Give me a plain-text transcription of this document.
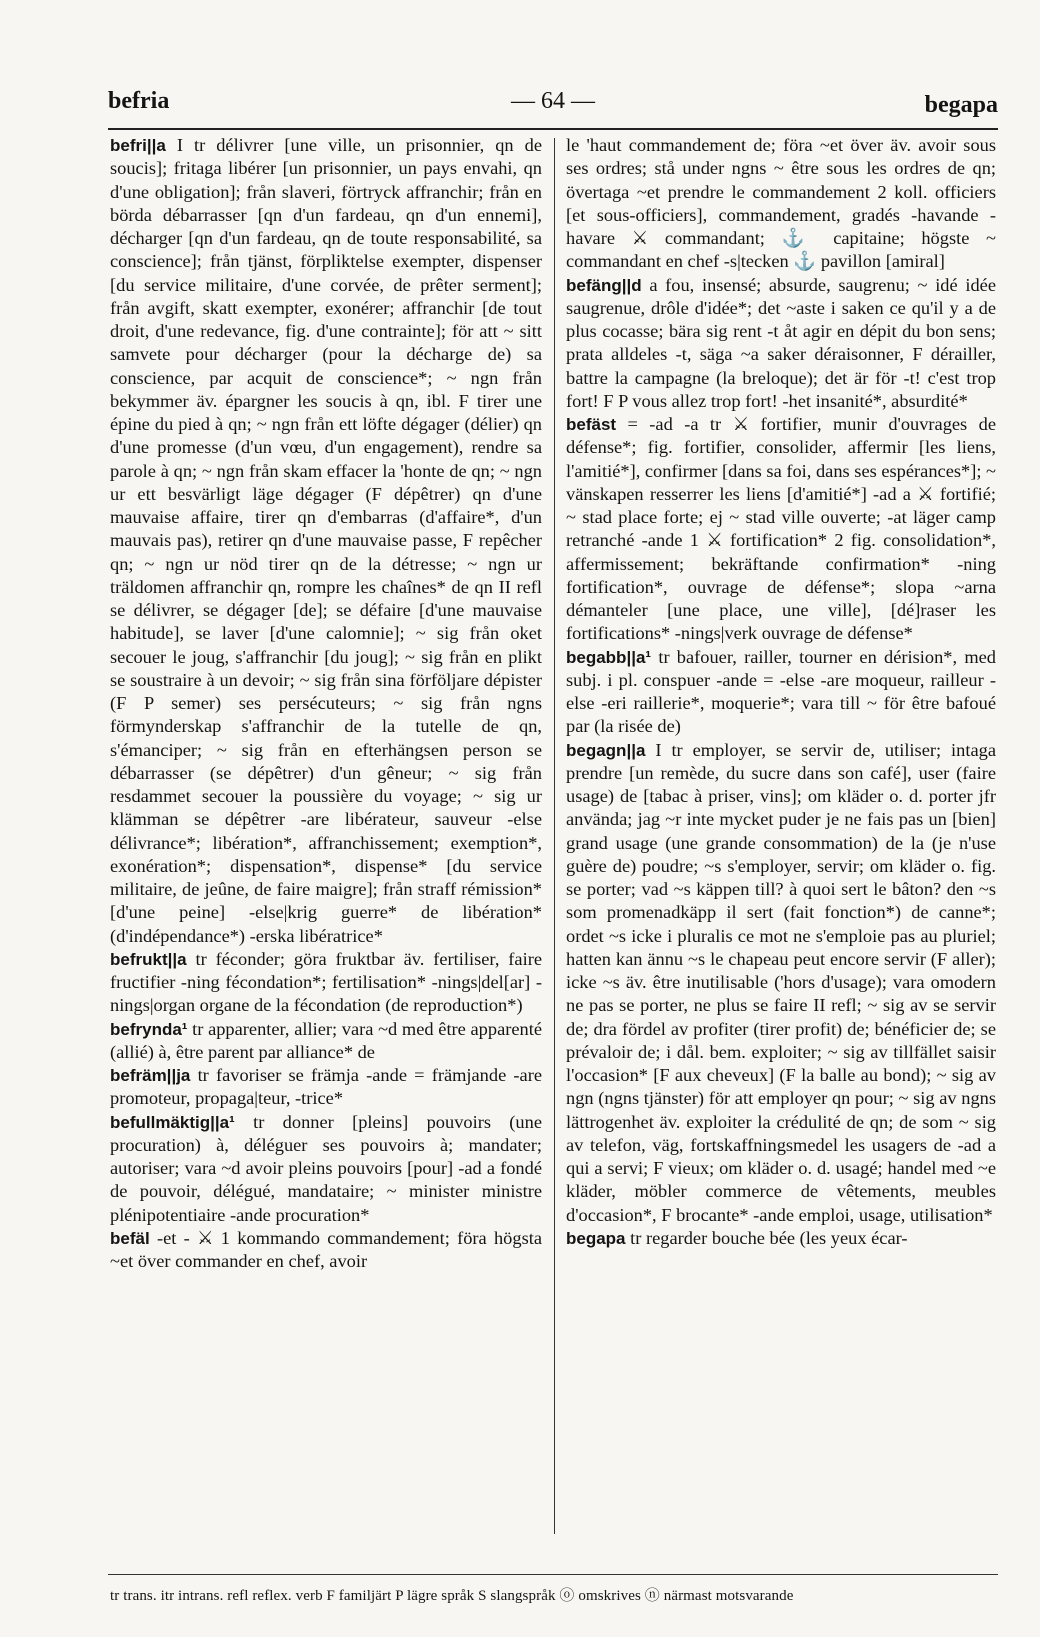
befria	— 64 —	begapa

befri||a I tr délivrer [une ville, un prisonnier, qn de soucis]; fritaga libérer [un prisonnier, un pays envahi, qn d'une obligation]; från slaveri, förtryck affranchir; från en börda débarrasser [qn d'un fardeau, qn d'un ennemi], décharger [qn d'un fardeau, qn de toute responsabilité, sa conscience]; från tjänst, förpliktelse exempter, dispenser [du service militaire, d'une corvée, de prêter serment]; från avgift, skatt exempter, exonérer; affranchir [de tout droit, d'une redevance, fig. d'une contrainte]; för att ~ sitt samvete pour décharger (pour la décharge de) sa conscience, par acquit de conscience*; ~ ngn från bekymmer äv. épargner les soucis à qn, ibl. F tirer une épine du pied à qn; ~ ngn från ett löfte dégager (délier) qn d'une promesse (d'un vœu, d'un engagement), rendre sa parole à qn; ~ ngn från skam effacer la 'honte de qn; ~ ngn ur ett besvärligt läge dégager (F dépêtrer) qn d'une mauvaise affaire, tirer qn d'embarras (d'affaire*, d'un mauvais pas), retirer qn d'une mauvaise passe, F repêcher qn; ~ ngn ur nöd tirer qn de la détresse; ~ ngn ur träldomen affranchir qn, rompre les chaînes* de qn II refl se délivrer, se dégager [de]; se défaire [d'une mauvaise habitude], se laver [d'une calomnie]; ~ sig från oket secouer le joug, s'affranchir [du joug]; ~ sig från en plikt se soustraire à un devoir; ~ sig från sina förföljare dépister (F P semer) ses persécuteurs; ~ sig från ngns förmynderskap s'affranchir de la tutelle de qn, s'émanciper; ~ sig från en efterhängsen person se débarrasser (se dépêtrer) d'un gêneur; ~ sig från resdammet secouer la poussière du voyage; ~ sig ur klämman se dépêtrer -are libérateur, sauveur -else délivrance*; libération*, affranchissement; exemption*, exonération*; dispensation*, dispense* [du service militaire, de jeûne, de faire maigre]; från straff rémission* [d'une peine] -else|krig guerre* de libération* (d'indépendance*) -erska libératrice*

befrukt||a tr féconder; göra fruktbar äv. fertiliser, faire fructifier -ning fécondation*; fertilisation* -nings|del[ar] -nings|organ organe de la fécondation (de reproduction*)

befrynda¹ tr apparenter, allier; vara ~d med être apparenté (allié) à, être parent par alliance* de

befräm||ja tr favoriser se främja -ande = främjande -are promoteur, propaga|teur, -trice*

befullmäktig||a¹ tr donner [pleins] pouvoirs (une procuration) à, déléguer ses pouvoirs à; mandater; autoriser; vara ~d avoir pleins pouvoirs [pour] -ad a fondé de pouvoir, délégué, mandataire; ~ minister ministre plénipotentiaire -ande procuration*

befäl -et - ⚔ 1 kommando commandement; föra högsta ~et över commander en chef, avoir

le 'haut commandement de; föra ~et över äv. avoir sous ses ordres; stå under ngns ~ être sous les ordres de qn; övertaga ~et prendre le commandement 2 koll. officiers [et sous-officiers], commandement, gradés -havande -havare ⚔ commandant; ⚓ capitaine; högste ~ commandant en chef -s|tecken ⚓ pavillon [amiral]

befäng||d a fou, insensé; absurde, saugrenu; ~ idé idée saugrenue, drôle d'idée*; det ~aste i saken ce qu'il y a de plus cocasse; bära sig rent -t åt agir en dépit du bon sens; prata alldeles -t, säga ~a saker déraisonner, F dérailler, battre la campagne (la breloque); det är för -t! c'est trop fort! F P vous allez trop fort! -het insanité*, absurdité*

befäst = -ad -a tr ⚔ fortifier, munir d'ouvrages de défense*; fig. fortifier, consolider, affermir [les liens, l'amitié*], confirmer [dans sa foi, dans ses espérances*]; ~ vänskapen resserrer les liens [d'amitié*] -ad a ⚔ fortifié; ~ stad place forte; ej ~ stad ville ouverte; -at läger camp retranché -ande 1 ⚔ fortification* 2 fig. consolidation*, affermissement; bekräftande confirmation* -ning fortification*, ouvrage de défense*; slopa ~arna démanteler [une place, une ville], [dé]raser les fortifications* -nings|verk ouvrage de défense*

begabb||a¹ tr bafouer, railler, tourner en dérision*, med subj. i pl. conspuer -ande = -else -are moqueur, railleur -else -eri raillerie*, moquerie*; vara till ~ för être bafoué par (la risée de)

begagn||a I tr employer, se servir de, utiliser; intaga prendre [un remède, du sucre dans son café], user (faire usage) de [tabac à priser, vins]; om kläder o. d. porter jfr använda; jag ~r inte mycket puder je ne fais pas un [bien] grand usage (une grande consommation) de la (je n'use guère de) poudre; ~s s'employer, servir; om kläder o. fig. se porter; vad ~s käppen till? à quoi sert le bâton? den ~s som promenadkäpp il sert (fait fonction*) de canne*; ordet ~s icke i pluralis ce mot ne s'emploie pas au pluriel; hatten kan ännu ~s le chapeau peut encore servir (F aller); icke ~s äv. être inutilisable ('hors d'usage); vara omodern ne pas se porter, ne plus se faire II refl; ~ sig av se servir de; dra fördel av profiter (tirer profit) de; bénéficier de; se prévaloir de; i dål. bem. exploiter; ~ sig av tillfället saisir l'occasion* [F aux cheveux] (F la balle au bond); ~ sig av ngn (ngns tjänster) för att employer qn pour; ~ sig av ngns lättrogenhet äv. exploiter la crédulité de qn; de som ~ sig av telefon, väg, fortskaffningsmedel les usagers de -ad a qui a servi; F vieux; om kläder o. d. usagé; handel med ~e kläder, möbler commerce de vêtements, meubles d'occasion*, F brocante* -ande emploi, usage, utilisation*

begapa tr regarder bouche bée (les yeux écar-

tr trans. itr intrans. refl reflex. verb F familjärt P lägre språk S slangspråk ⓞ omskrives ⓝ närmast motsvarande
